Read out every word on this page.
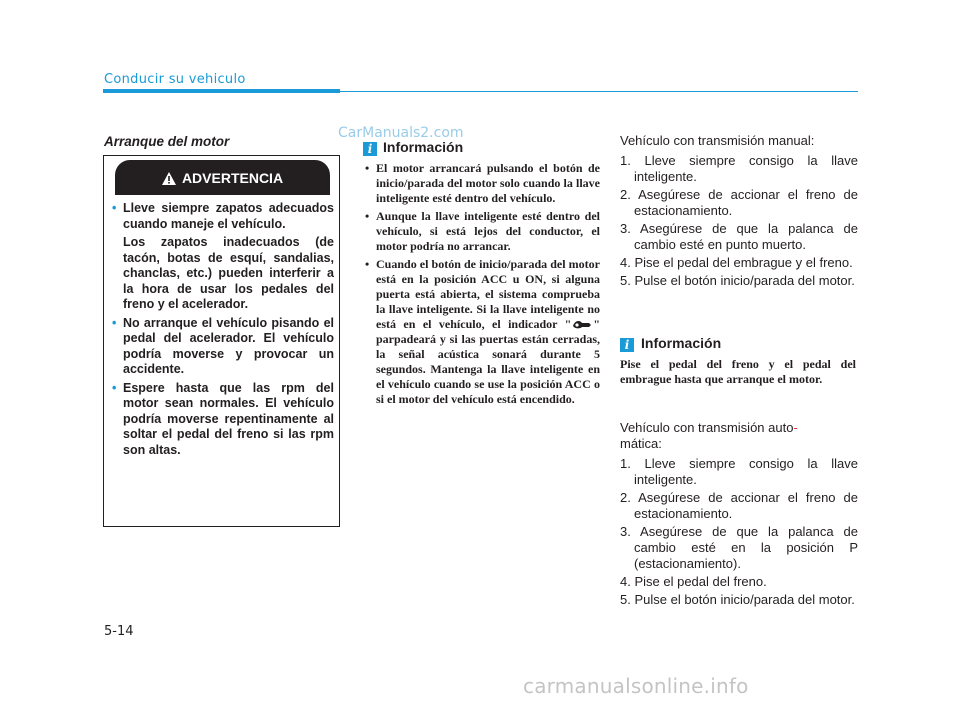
Conducir su vehiculo
Arranque del motor
ADVERTENCIA
• Lleve siempre zapatos adecuados cuando maneje el vehículo.

Los zapatos inadecuados (de tacón, botas de esquí, sandalias, chanclas, etc.) pueden interferir a la hora de usar los pedales del freno y el acelerador.

• No arranque el vehículo pisando el pedal del acelerador. El vehículo podría moverse y provocar un accidente.

• Espere hasta que las rpm del motor sean normales. El vehículo podría moverse repentinamente al soltar el pedal del freno si las rpm son altas.

CarManuals2.com
i Información
• El motor arrancará pulsando el botón de inicio/parada del motor solo cuando la llave inteligente esté dentro del vehículo.
• Aunque la llave inteligente esté dentro del vehículo, si está lejos del conductor, el motor podría no arrancar.
• Cuando el botón de inicio/parada del motor está en la posición ACC u ON, si alguna puerta está abierta, el sistema comprueba la llave inteligente. Si la llave inteligente no está en el vehículo, el indicador " " parpadeará y si las puertas están cerradas, la señal acústica sonará durante 5 segundos. Mantenga la llave inteligente en el vehículo cuando se use la posición ACC o si el motor del vehículo está encendido.
Vehículo con transmisión manual:
1. Lleve siempre consigo la llave inteligente.
2. Asegúrese de accionar el freno de estacionamiento.
3. Asegúrese de que la palanca de cambio esté en punto muerto.
4. Pise el pedal del embrague y el freno.
5. Pulse el botón inicio/parada del motor.
i Información
Pise el pedal del freno y el pedal del embrague hasta que arranque el motor.
Vehículo con transmisión auto-
mática:
1. Lleve siempre consigo la llave inteligente.
2. Asegúrese de accionar el freno de estacionamiento.
3. Asegúrese de que la palanca de cambio esté en la posición P (estacionamiento).
4. Pise el pedal del freno.
5. Pulse el botón inicio/parada del motor.
5-14
carmanualsonline.info
